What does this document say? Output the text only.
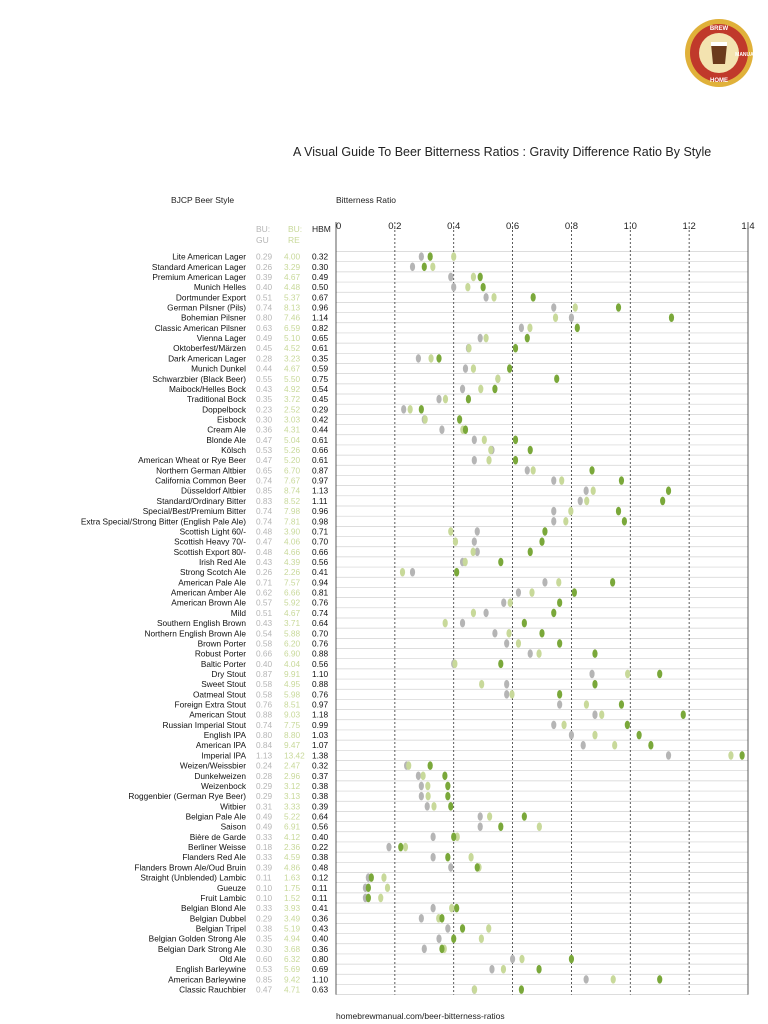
BREW
HOME
MANUAL
A Visual Guide To Beer Bitterness Ratios : Gravity Difference Ratio By Style
BJCP Beer Style	Bitterness Ratio
BU:
GU
BU:
RE
HBM 0	0.2	0.4	0.6	0.8	1.0	1.2	1.4
Lite American Lager 0.29 4.00 0.32
Standard American Lager 0.26 3.29 0.30
Premium American Lager 0.39 4.67 0.49
Munich Helles 0.40 4.48 0.50
Dortmunder Export 0.51 5.37 0.67
German Pilsner (Pils) 0.74 8.13 0.96
Bohemian Pilsner 0.80 7.46 1.14
Classic American Pilsner 0.63 6.59 0.82
Vienna Lager 0.49 5.10 0.65
Oktoberfest/Märzen 0.45 4.52 0.61
Dark American Lager 0.28 3.23 0.35
Munich Dunkel 0.44 4.67 0.59
Schwarzbier (Black Beer) 0.55 5.50 0.75
Maibock/Helles Bock 0.43 4.92 0.54
Traditional Bock 0.35 3.72 0.45
Doppelbock 0.23 2.52 0.29
Eisbock 0.30 3.03 0.42
Cream Ale 0.36 4.31 0.44
Blonde Ale 0.47 5.04 0.61
Kölsch 0.53 5.26 0.66
American Wheat or Rye Beer 0.47 5.20 0.61
Northern German Altbier 0.65 6.70 0.87
California Common Beer 0.74 7.67 0.97
Düsseldorf Altbier 0.85 8.74 1.13
Standard/Ordinary Bitter 0.83 8.52 1.11
Special/Best/Premium Bitter 0.74 7.98 0.96
Extra Special/Strong Bitter (English Pale Ale) 0.74 7.81 0.98
Scottish Light 60/- 0.48 3.90 0.71
Scottish Heavy 70/- 0.47 4.06 0.70
Scottish Export 80/- 0.48 4.66 0.66
Irish Red Ale 0.43 4.39 0.56
Strong Scotch Ale 0.26 2.26 0.41
American Pale Ale 0.71 7.57 0.94
American Amber Ale 0.62 6.66 0.81
American Brown Ale 0.57 5.92 0.76
Mild 0.51 4.67 0.74
Southern English Brown 0.43 3.71 0.64
Northern English Brown Ale 0.54 5.88 0.70
Brown Porter 0.58 6.20 0.76
Robust Porter 0.66 6.90 0.88
Baltic Porter 0.40 4.04 0.56
Dry Stout 0.87 9.91 1.10
Sweet Stout 0.58 4.95 0.88
Oatmeal Stout 0.58 5.98 0.76
Foreign Extra Stout 0.76 8.51 0.97
American Stout 0.88 9.03 1.18
Russian Imperial Stout 0.74 7.75 0.99
English IPA 0.80 8.80 1.03
American IPA 0.84 9.47 1.07
Imperial IPA 1.13 13.42 1.38
Weizen/Weissbier 0.24 2.47 0.32
Dunkelweizen 0.28 2.96 0.37
Weizenbock 0.29 3.12 0.38
Roggenbier (German Rye Beer) 0.29 3.13 0.38
Witbier 0.31 3.33 0.39
Belgian Pale Ale 0.49 5.22 0.64
Saison 0.49 6.91 0.56
Bière de Garde 0.33 4.12 0.40
Berliner Weisse 0.18 2.36 0.22
Flanders Red Ale 0.33 4.59 0.38
Flanders Brown Ale/Oud Bruin 0.39 4.86 0.48
Straight (Unblended) Lambic 0.11 1.63 0.12
Gueuze 0.10 1.75 0.11
Fruit Lambic 0.10 1.52 0.11
Belgian Blond Ale 0.33 3.93 0.41
Belgian Dubbel 0.29 3.49 0.36
Belgian Tripel 0.38 5.19 0.43
Belgian Golden Strong Ale 0.35 4.94 0.40
Belgian Dark Strong Ale 0.30 3.68 0.36
Old Ale 0.60 6.32 0.80
English Barleywine 0.53 5.69 0.69
American Barleywine 0.85 9.42 1.10
Classic Rauchbier 0.47 4.71 0.63
homebrewmanual.com/beer-bitterness-ratios
